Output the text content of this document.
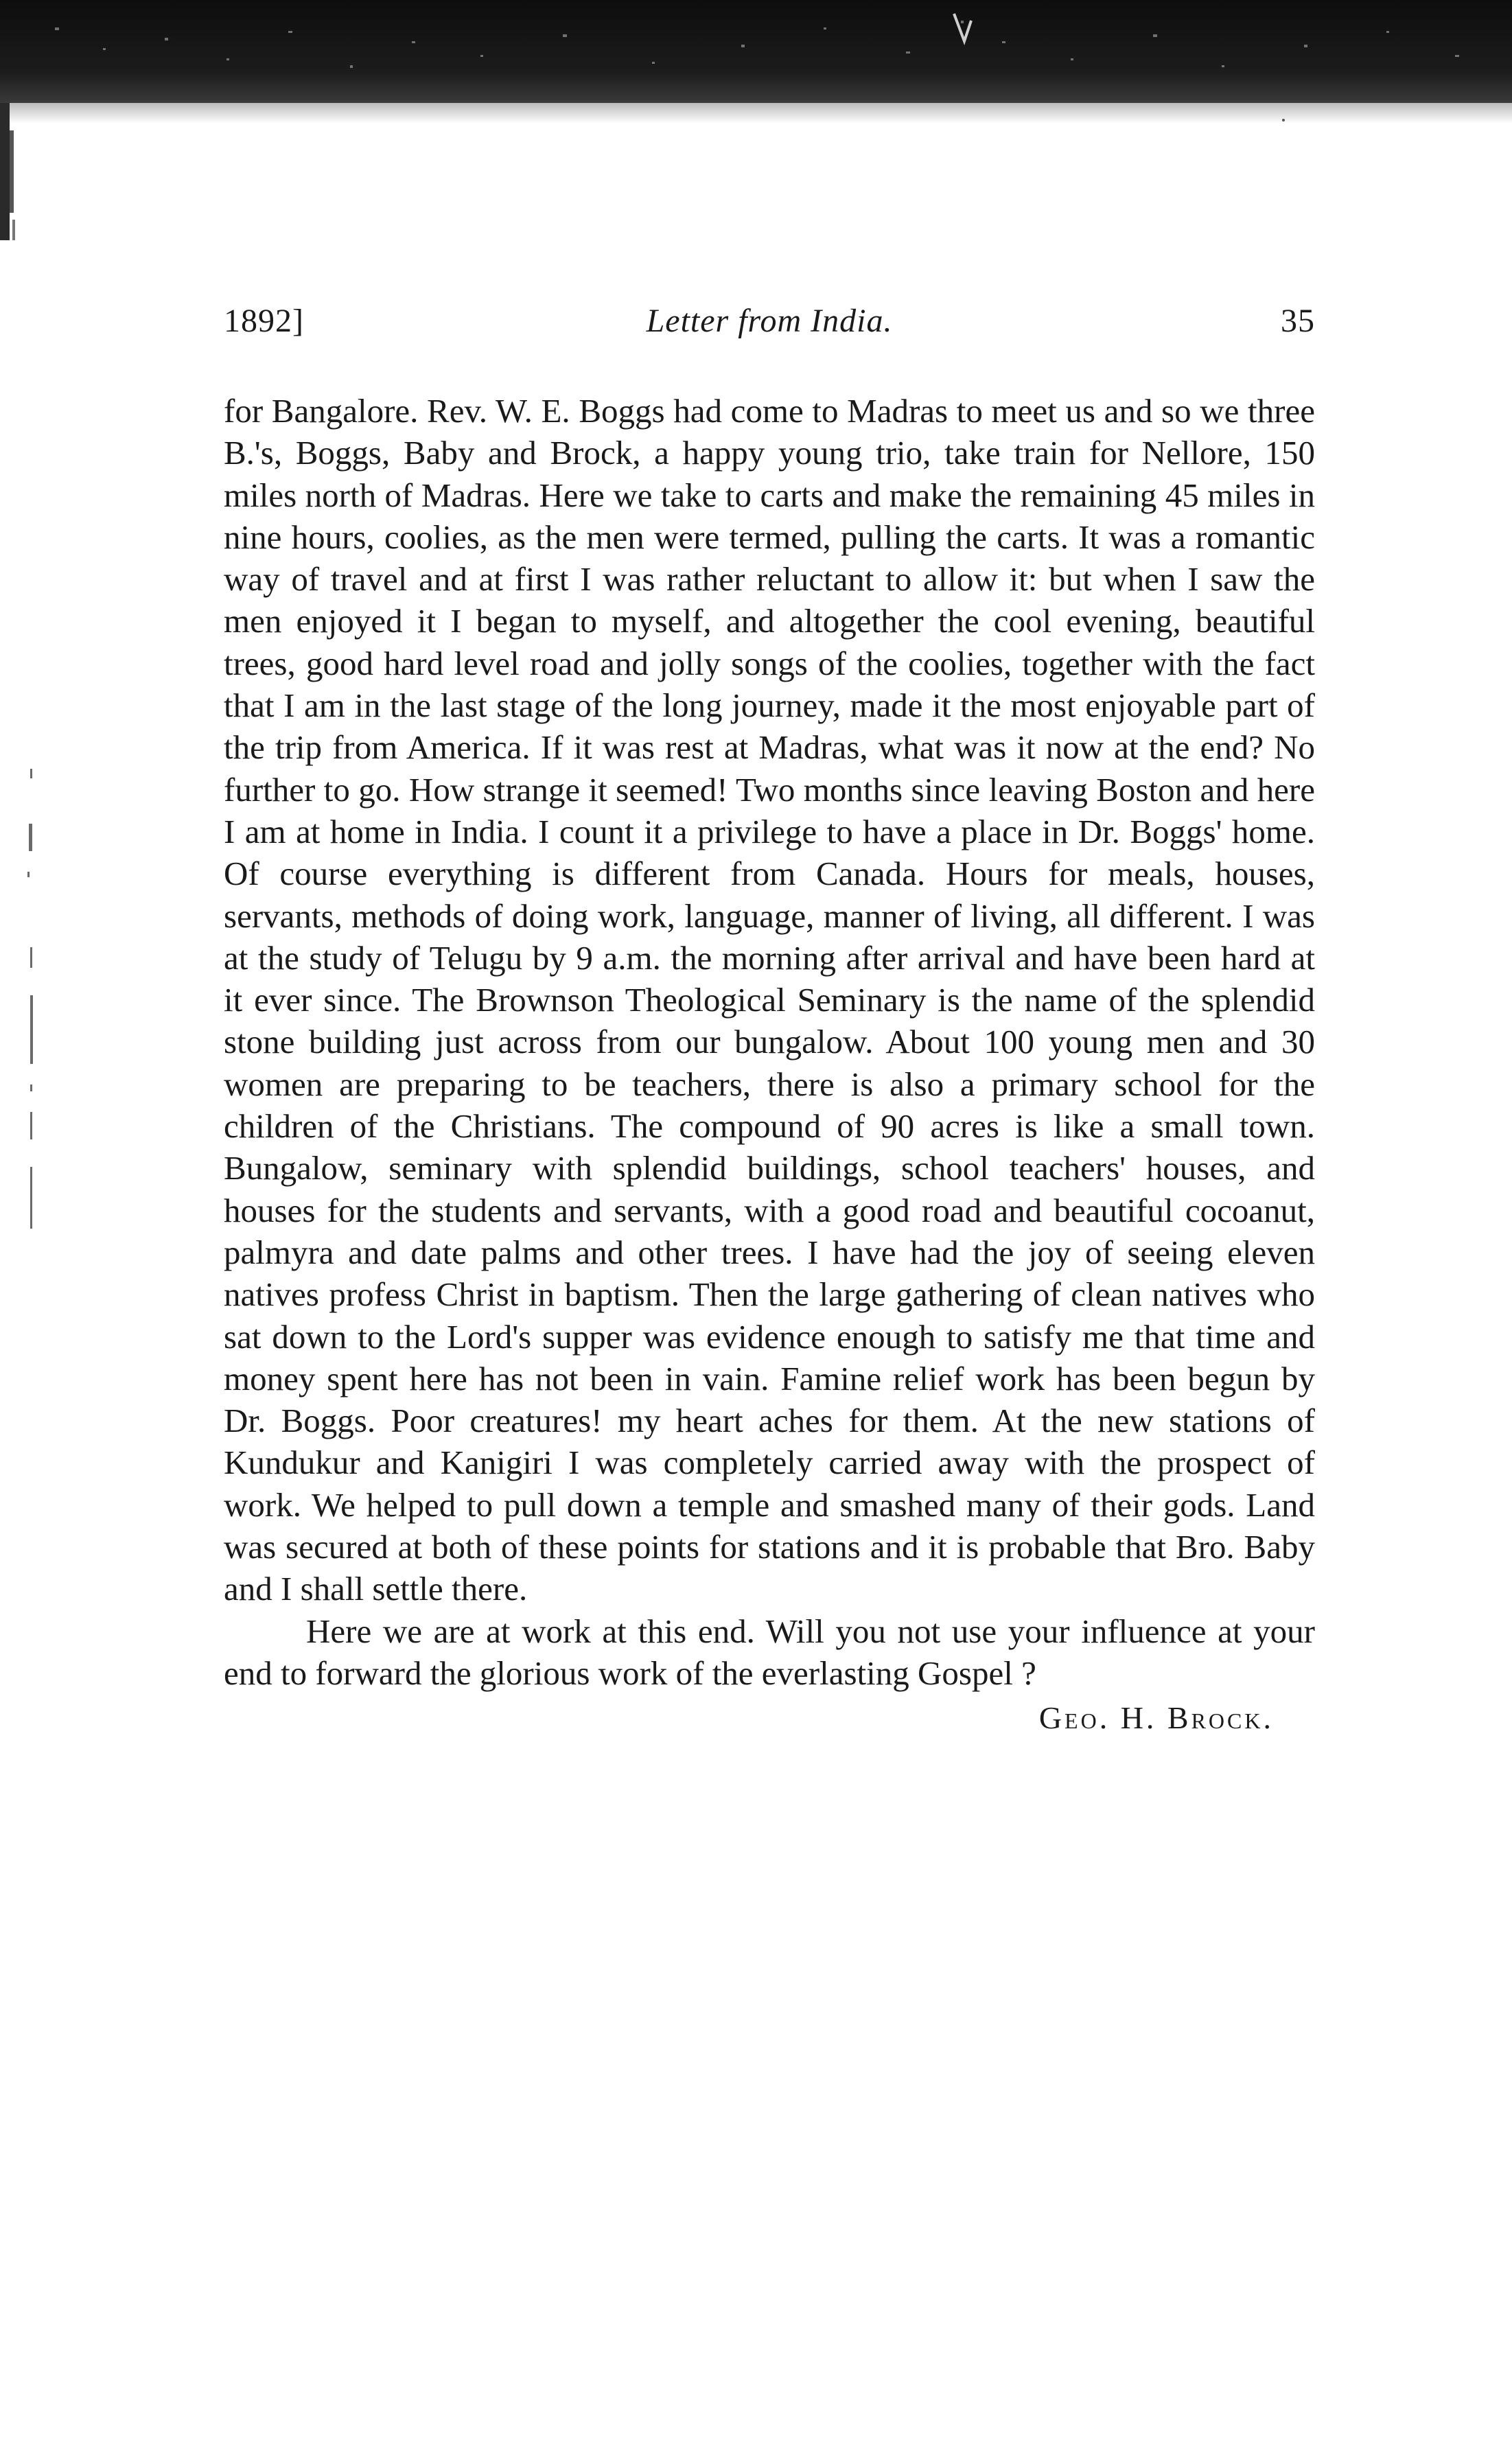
1892]	Letter from India.	35

for Bangalore. Rev. W. E. Boggs had come to Madras to meet us and so we three B.'s, Boggs, Baby and Brock, a happy young trio, take train for Nellore, 150 miles north of Madras. Here we take to carts and make the remaining 45 miles in nine hours, coolies, as the men were termed, pulling the carts. It was a romantic way of travel and at first I was rather reluctant to allow it: but when I saw the men enjoyed it I began to myself, and altogether the cool evening, beautiful trees, good hard level road and jolly songs of the coolies, together with the fact that I am in the last stage of the long journey, made it the most enjoyable part of the trip from America. If it was rest at Madras, what was it now at the end? No further to go. How strange it seemed! Two months since leaving Boston and here I am at home in India. I count it a privilege to have a place in Dr. Boggs' home. Of course everything is different from Canada. Hours for meals, houses, servants, methods of doing work, language, manner of living, all different. I was at the study of Telugu by 9 a.m. the morning after arrival and have been hard at it ever since. The Brownson Theological Seminary is the name of the splendid stone building just across from our bungalow. About 100 young men and 30 women are preparing to be teachers, there is also a primary school for the children of the Christians. The compound of 90 acres is like a small town. Bungalow, seminary with splendid buildings, school teachers' houses, and houses for the students and servants, with a good road and beautiful cocoanut, palmyra and date palms and other trees. I have had the joy of seeing eleven natives profess Christ in baptism. Then the large gathering of clean natives who sat down to the Lord's supper was evidence enough to satisfy me that time and money spent here has not been in vain. Famine relief work has been begun by Dr. Boggs. Poor creatures! my heart aches for them. At the new stations of Kundukur and Kanigiri I was completely carried away with the prospect of work. We helped to pull down a temple and smashed many of their gods. Land was secured at both of these points for stations and it is probable that Bro. Baby and I shall settle there.

Here we are at work at this end. Will you not use your influence at your end to forward the glorious work of the everlasting Gospel ?

Geo. H. Brock.
